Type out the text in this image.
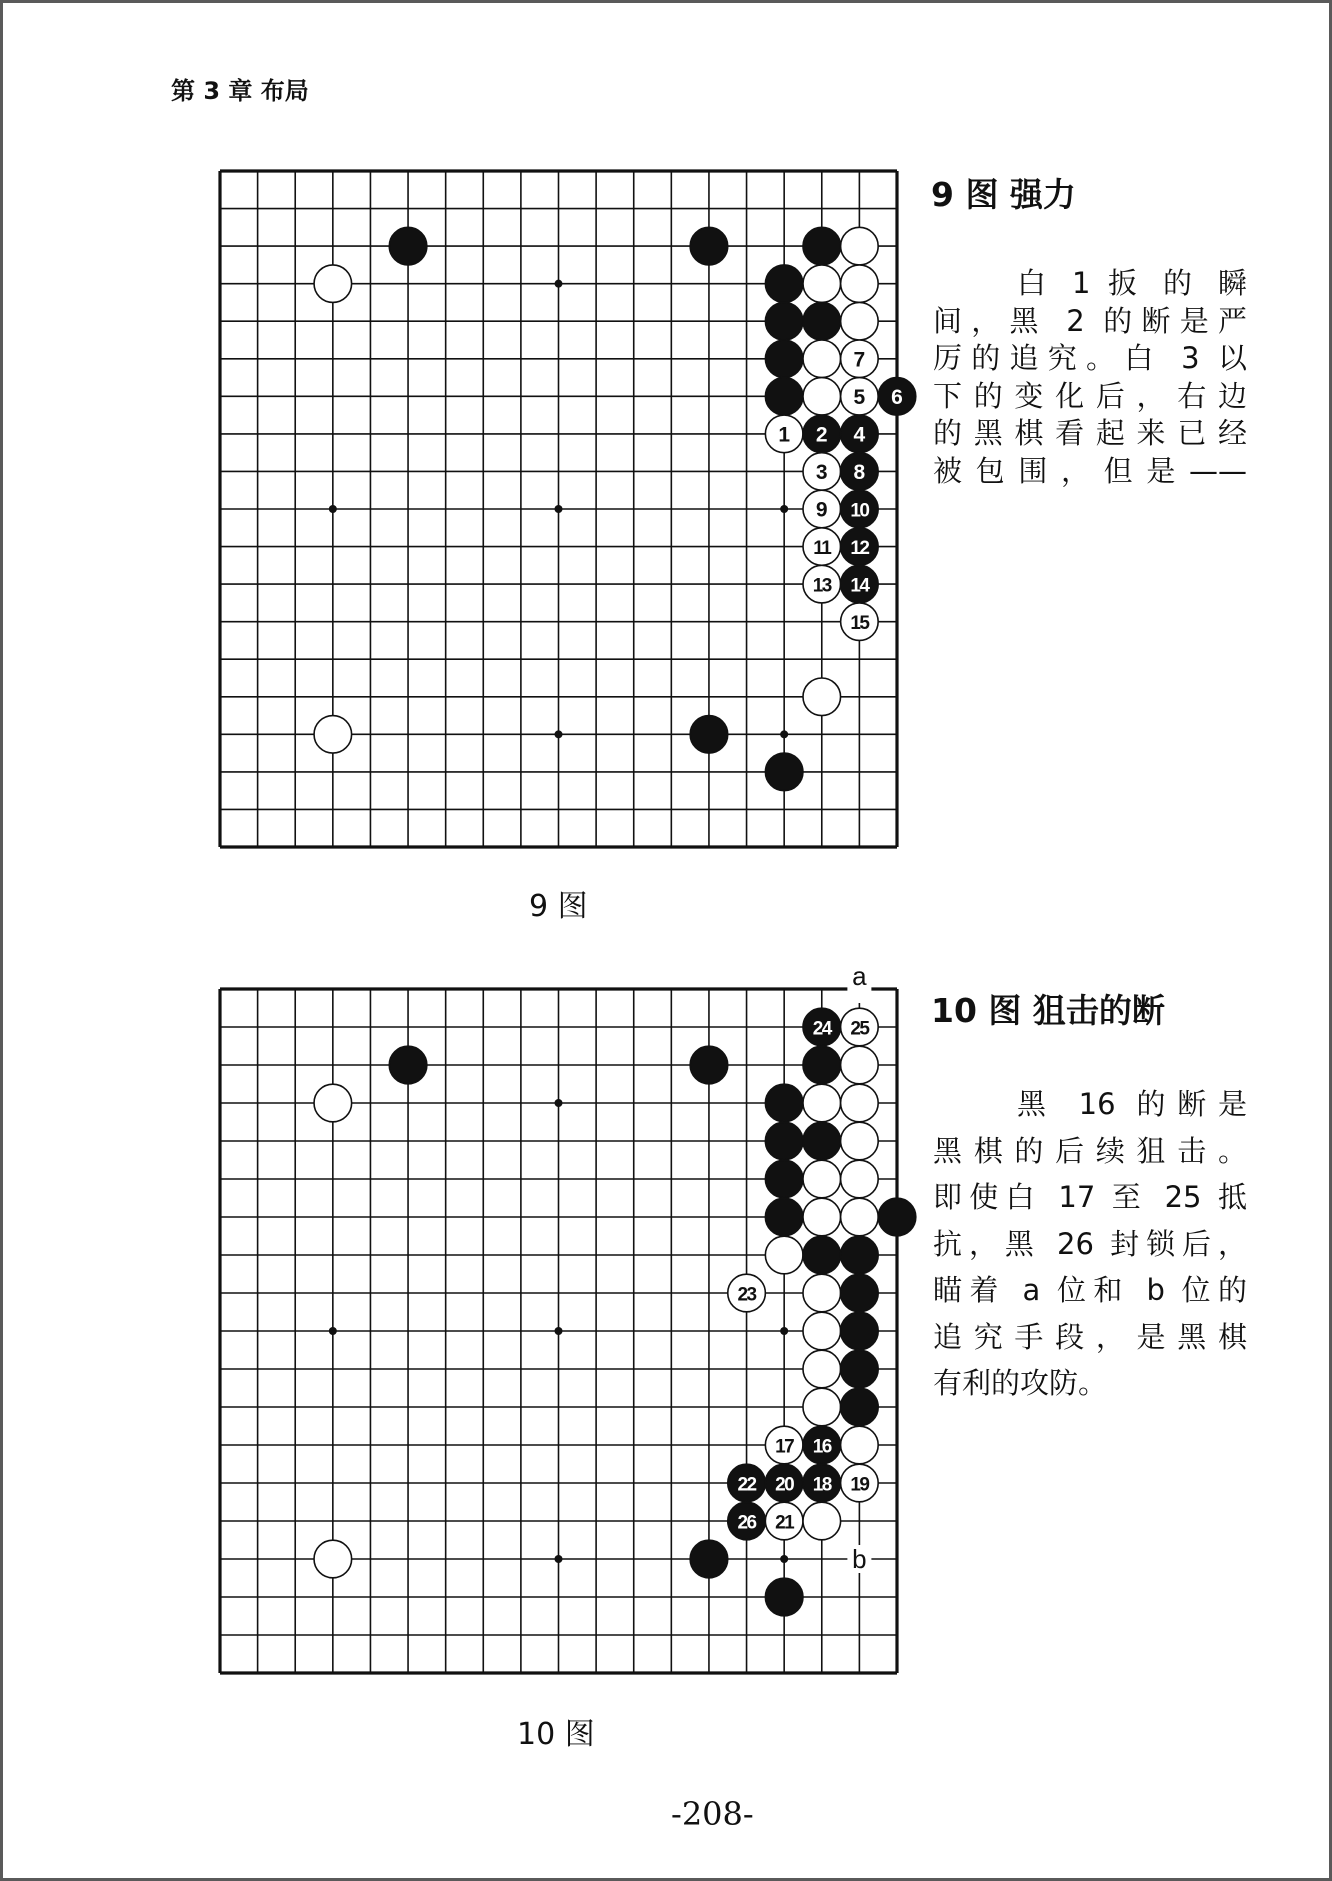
第 3 章 布局
7
5 6
1 2 4
3 8
9 10
11 12
13 14
15
24 25
23
17 16
22 20 18 19
26 21
a
b
9 图 强力
白 1 扳 的 瞬
间，黑 2 的断是严
厉的追究。白 3 以
下的变化后，右边
的黑棋看起来已经
被包围，但是——
9 图
10 图 狙击的断
黑 16 的断是
黑棋的后续狙击。
即使白 17 至 25 抵
抗，黑 26 封锁后，
瞄着 a 位和 b 位的
追究手段，是黑棋
有利的攻防。
10 图
-208-
